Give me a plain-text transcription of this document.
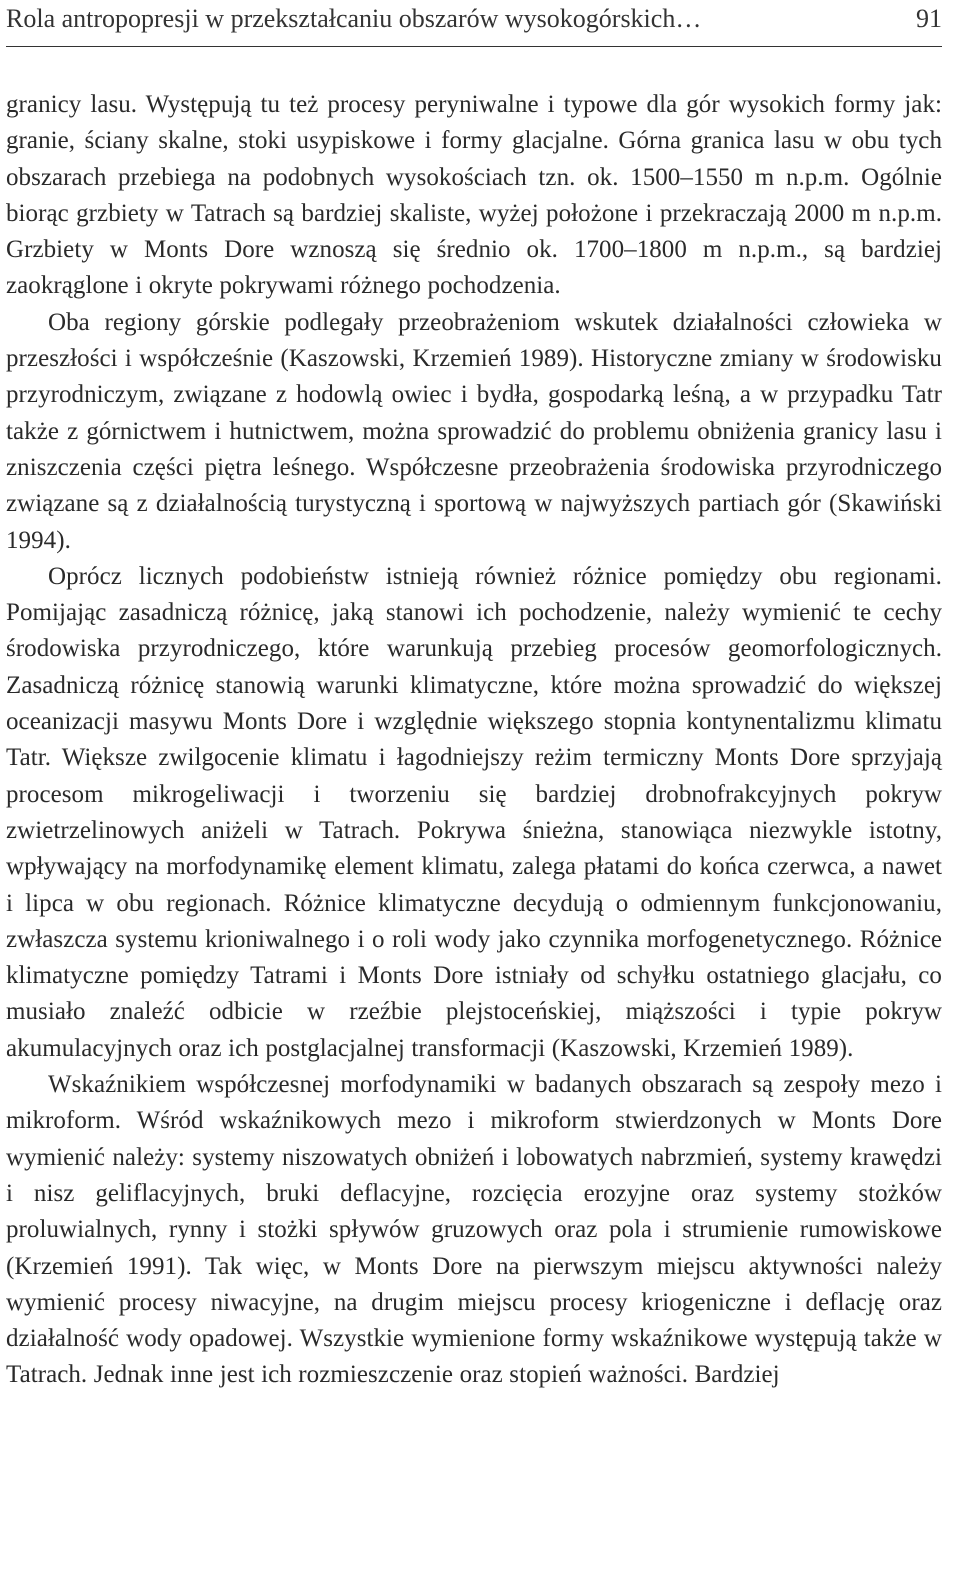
Rola antropopresji w przekształcaniu obszarów wysokogórskich…	91

granicy lasu. Występują tu też procesy peryniwalne i typowe dla gór wysokich formy jak: granie, ściany skalne, stoki usypiskowe i formy glacjalne. Górna granica lasu w obu tych obszarach przebiega na podobnych wysokościach tzn. ok. 1500–1550 m n.p.m. Ogólnie biorąc grzbiety w Tatrach są bardziej skaliste, wyżej położone i przekraczają 2000 m n.p.m. Grzbiety w Monts Dore wznoszą się średnio ok. 1700–1800 m n.p.m., są bardziej zaokrąglone i okryte pokrywami różnego pochodzenia.

Oba regiony górskie podlegały przeobrażeniom wskutek działalności człowieka w przeszłości i współcześnie (Kaszowski, Krzemień 1989). Historyczne zmiany w środowisku przyrodniczym, związane z hodowlą owiec i bydła, gospodarką leśną, a w przypadku Tatr także z górnictwem i hutnictwem, można sprowadzić do problemu obniżenia granicy lasu i zniszczenia części piętra leśnego. Współczesne przeobrażenia środowiska przyrodniczego związane są z działalnością turystyczną i sportową w najwyższych partiach gór (Skawiński 1994).

Oprócz licznych podobieństw istnieją również różnice pomiędzy obu regionami. Pomijając zasadniczą różnicę, jaką stanowi ich pochodzenie, należy wymienić te cechy środowiska przyrodniczego, które warunkują przebieg procesów geomorfologicznych. Zasadniczą różnicę stanowią warunki klimatyczne, które można sprowadzić do większej oceanizacji masywu Monts Dore i względnie większego stopnia kontynentalizmu klimatu Tatr. Większe zwilgocenie klimatu i łagodniejszy reżim termiczny Monts Dore sprzyjają procesom mikrogeliwacji i tworzeniu się bardziej drobnofrakcyjnych pokryw zwietrzelinowych aniżeli w Tatrach. Pokrywa śnieżna, stanowiąca niezwykle istotny, wpływający na morfodynamikę element klimatu, zalega płatami do końca czerwca, a nawet i lipca w obu regionach. Różnice klimatyczne decydują o odmiennym funkcjonowaniu, zwłaszcza systemu krioniwalnego i o roli wody jako czynnika morfogenetycznego. Różnice klimatyczne pomiędzy Tatrami i Monts Dore istniały od schyłku ostatniego glacjału, co musiało znaleźć odbicie w rzeźbie plejstoceńskiej, miąższości i typie pokryw akumulacyjnych oraz ich postglacjalnej transformacji (Kaszowski, Krzemień 1989).

Wskaźnikiem współczesnej morfodynamiki w badanych obszarach są zespoły mezo i mikroform. Wśród wskaźnikowych mezo i mikroform stwierdzonych w Monts Dore wymienić należy: systemy niszowatych obniżeń i lobowatych nabrzmień, systemy krawędzi i nisz geliflacyjnych, bruki deflacyjne, rozcięcia erozyjne oraz systemy stożków proluwialnych, rynny i stożki spływów gruzowych oraz pola i strumienie rumowiskowe (Krzemień 1991). Tak więc, w Monts Dore na pierwszym miejscu aktywności należy wymienić procesy niwacyjne, na drugim miejscu procesy kriogeniczne i deflację oraz działalność wody opadowej. Wszystkie wymienione formy wskaźnikowe występują także w Tatrach. Jednak inne jest ich rozmieszczenie oraz stopień ważności. Bardziej
